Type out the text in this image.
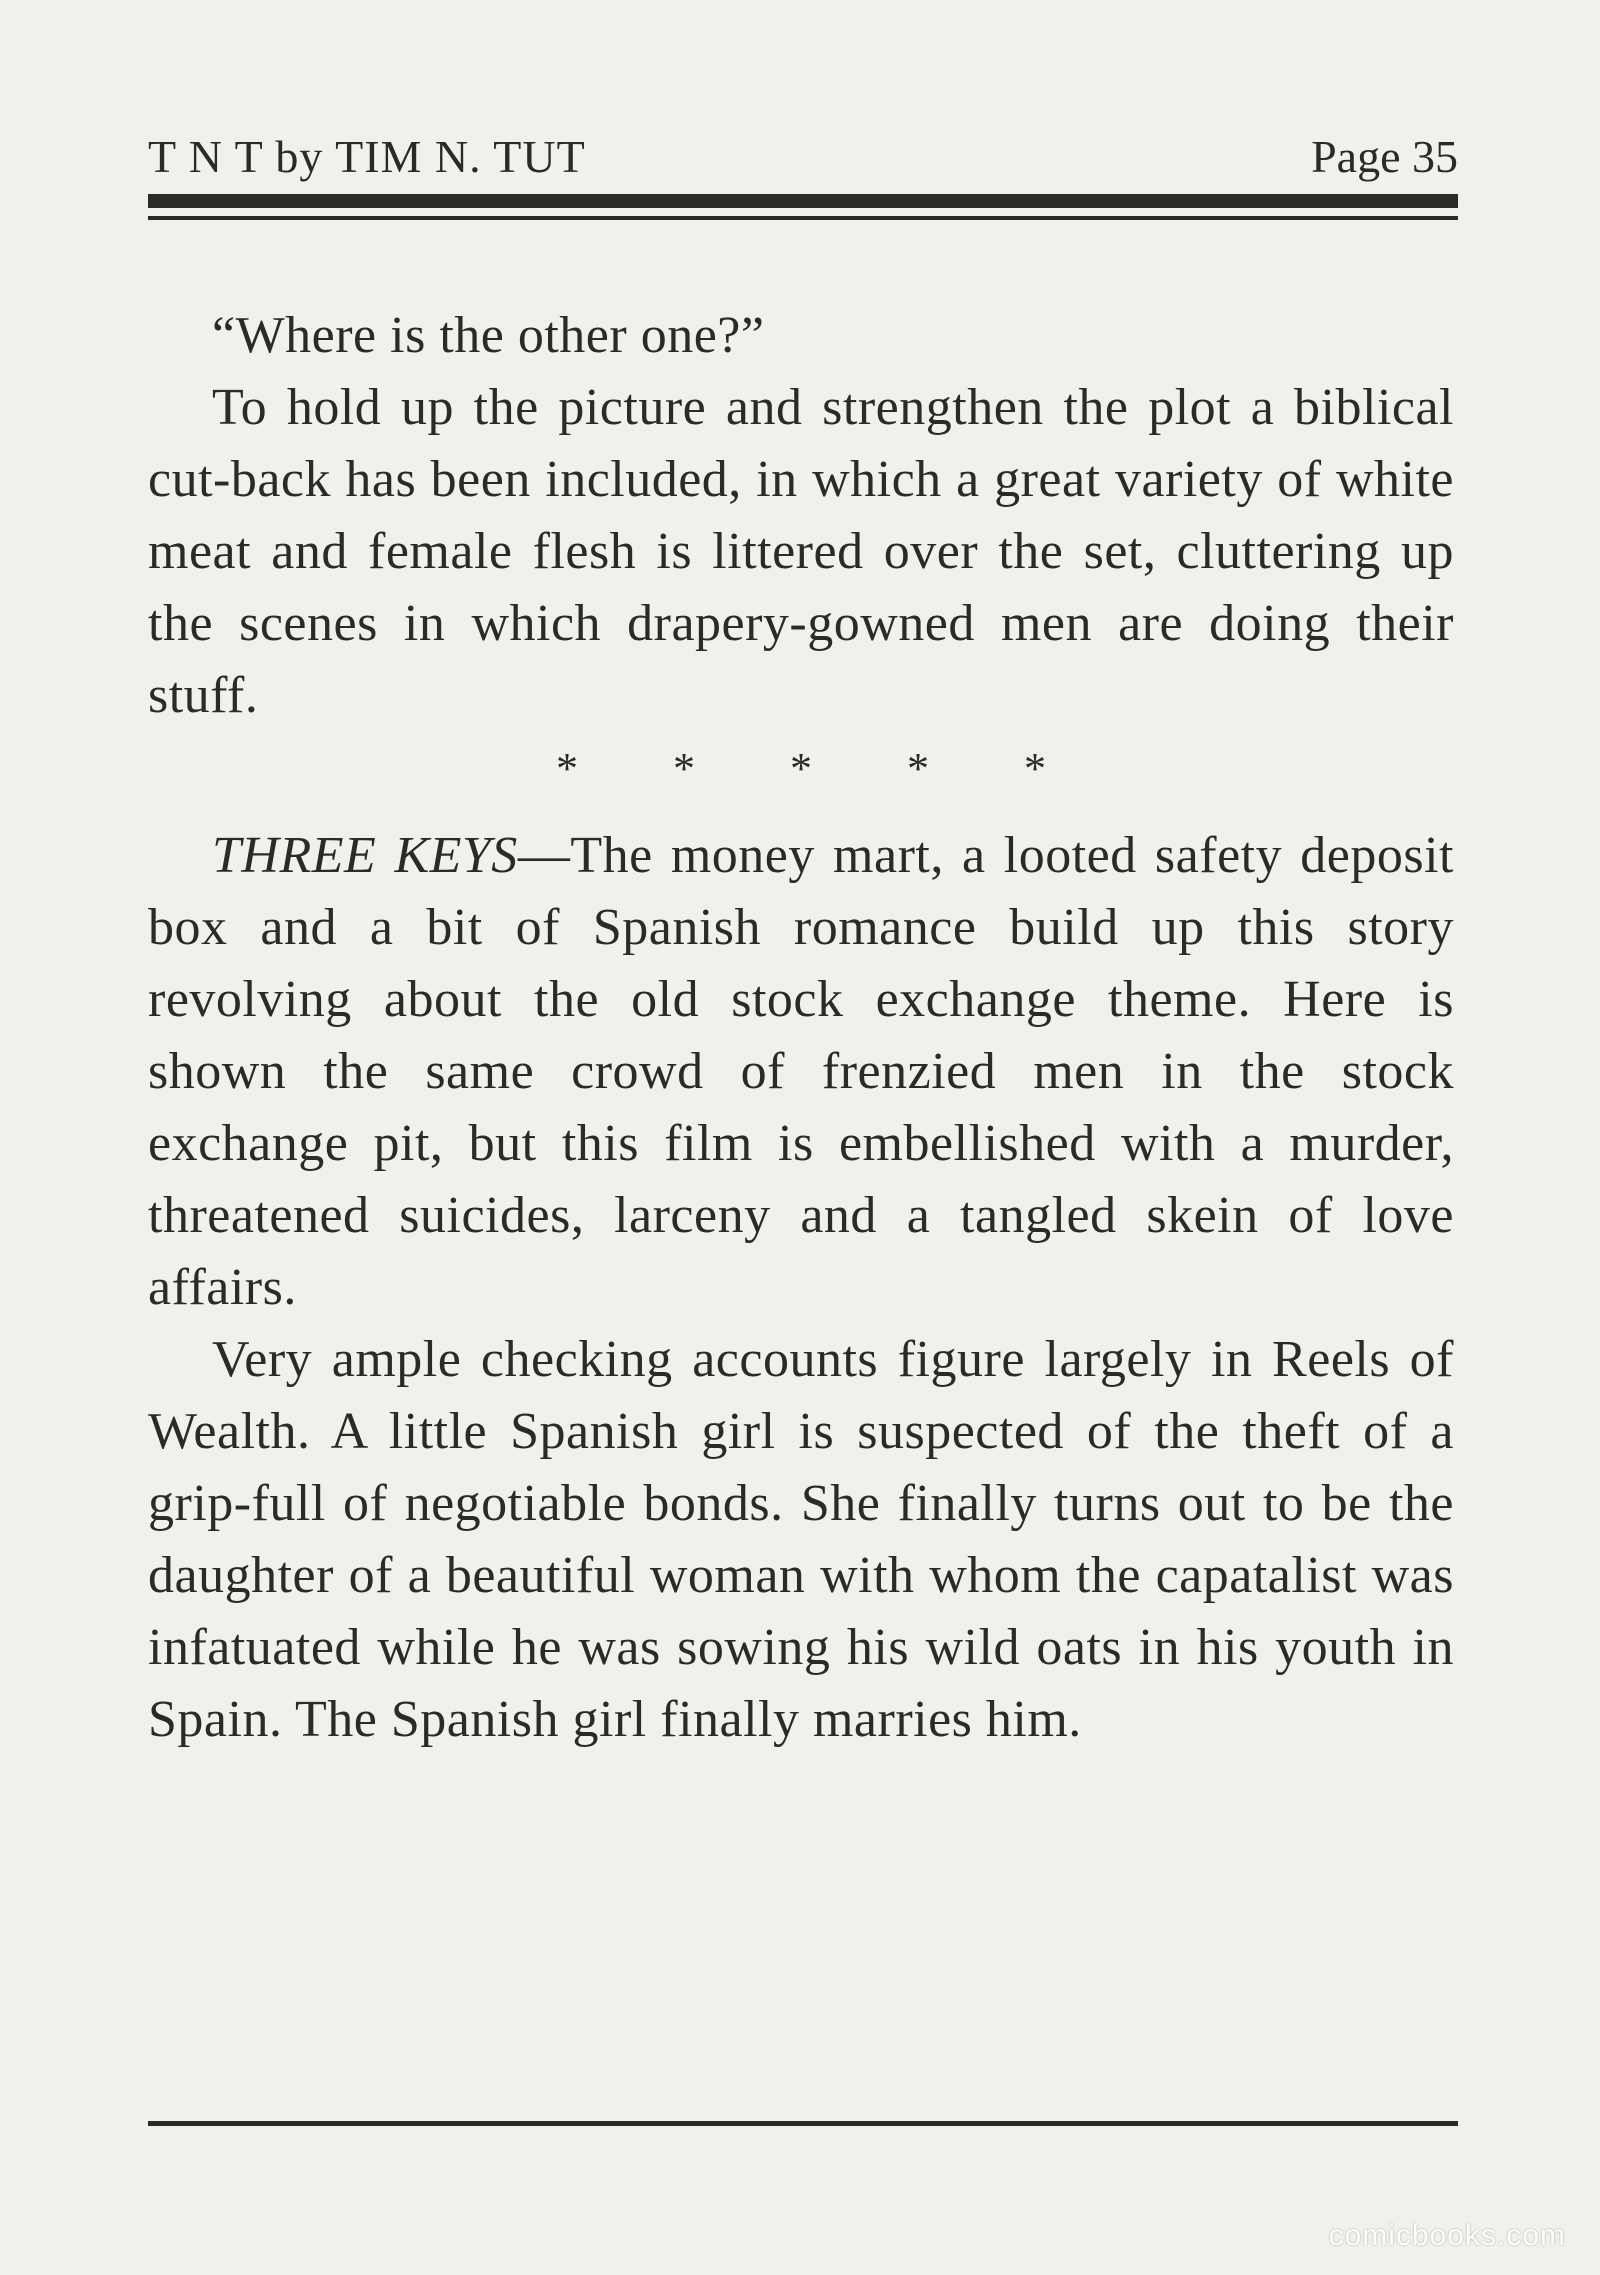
T N T by TIM N. TUT	Page 35

“Where is the other one?”

To hold up the picture and strengthen the plot a biblical cut-back has been included, in which a great variety of white meat and female flesh is littered over the set, cluttering up the scenes in which drapery-gowned men are doing their stuff.

* * * * *

THREE KEYS—The money mart, a looted safety deposit box and a bit of Spanish romance build up this story revolving about the old stock exchange theme. Here is shown the same crowd of frenzied men in the stock exchange pit, but this film is embellished with a murder, threatened suicides, larceny and a tangled skein of love affairs.

Very ample checking accounts figure largely in Reels of Wealth. A little Spanish girl is suspected of the theft of a grip-full of negotiable bonds. She finally turns out to be the daughter of a beautiful woman with whom the capatalist was infatuated while he was sowing his wild oats in his youth in Spain. The Spanish girl finally marries him.

comicbooks.com
